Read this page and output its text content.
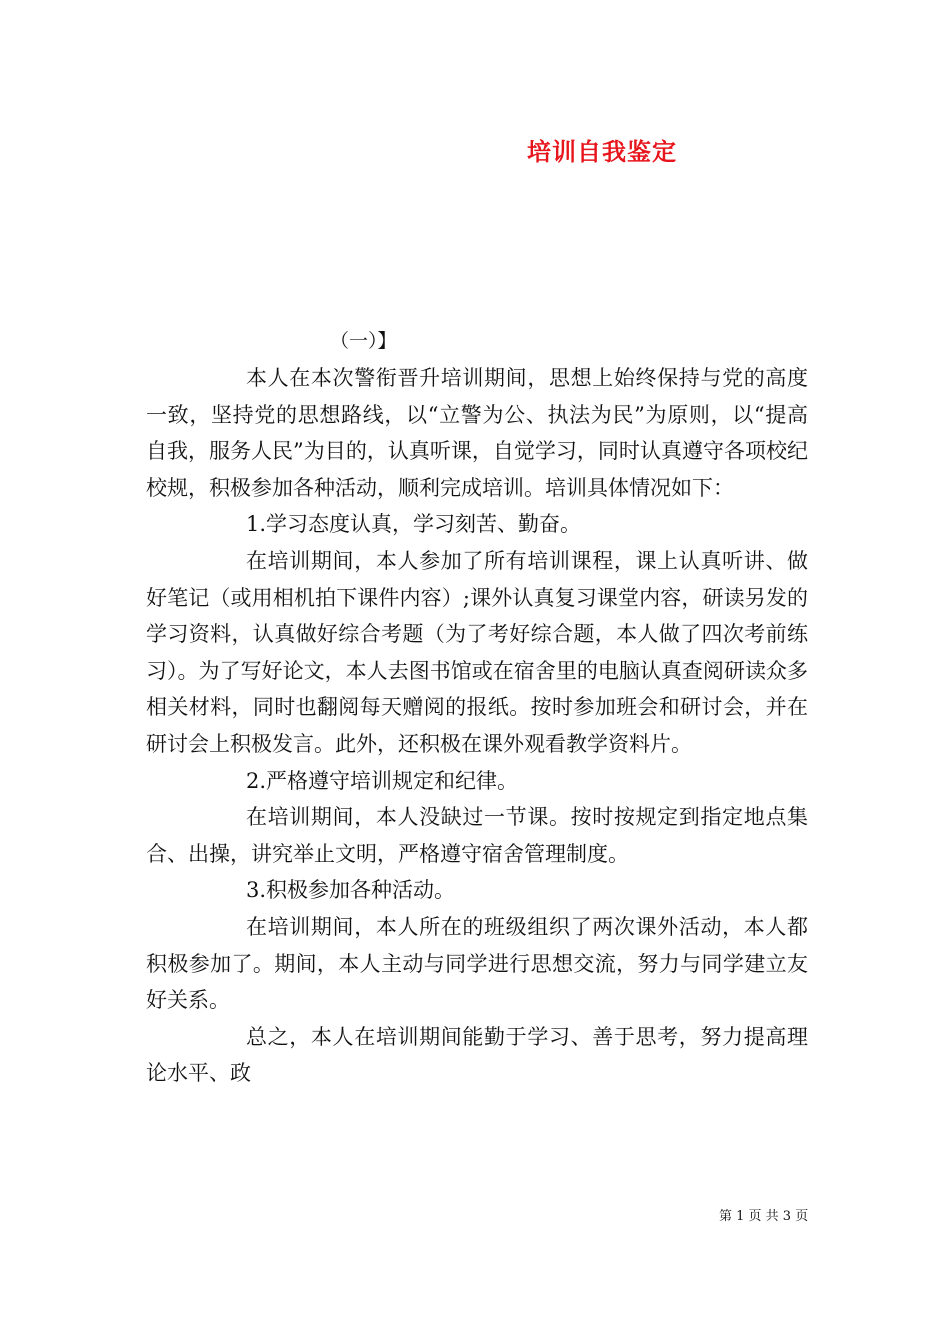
培训自我鉴定
（一）】

本人在本次警衔晋升培训期间，思想上始终保持与党的高度一致，坚持党的思想路线，以“立警为公、执法为民”为原则，以“提高自我，服务人民”为目的，认真听课，自觉学习，同时认真遵守各项校纪校规，积极参加各种活动，顺利完成培训。培训具体情况如下：

1.学习态度认真，学习刻苦、勤奋。

在培训期间，本人参加了所有培训课程，课上认真听讲、做好笔记（或用相机拍下课件内容）;课外认真复习课堂内容，研读另发的学习资料，认真做好综合考题（为了考好综合题，本人做了四次考前练习）。为了写好论文，本人去图书馆或在宿舍里的电脑认真查阅研读众多相关材料，同时也翻阅每天赠阅的报纸。按时参加班会和研讨会，并在研讨会上积极发言。此外，还积极在课外观看教学资料片。

2.严格遵守培训规定和纪律。

在培训期间，本人没缺过一节课。按时按规定到指定地点集合、出操，讲究举止文明，严格遵守宿舍管理制度。

3.积极参加各种活动。

在培训期间，本人所在的班级组织了两次课外活动，本人都积极参加了。期间，本人主动与同学进行思想交流，努力与同学建立友好关系。

总之，本人在培训期间能勤于学习、善于思考，努力提高理论水平、政

第 1 页 共 3 页
